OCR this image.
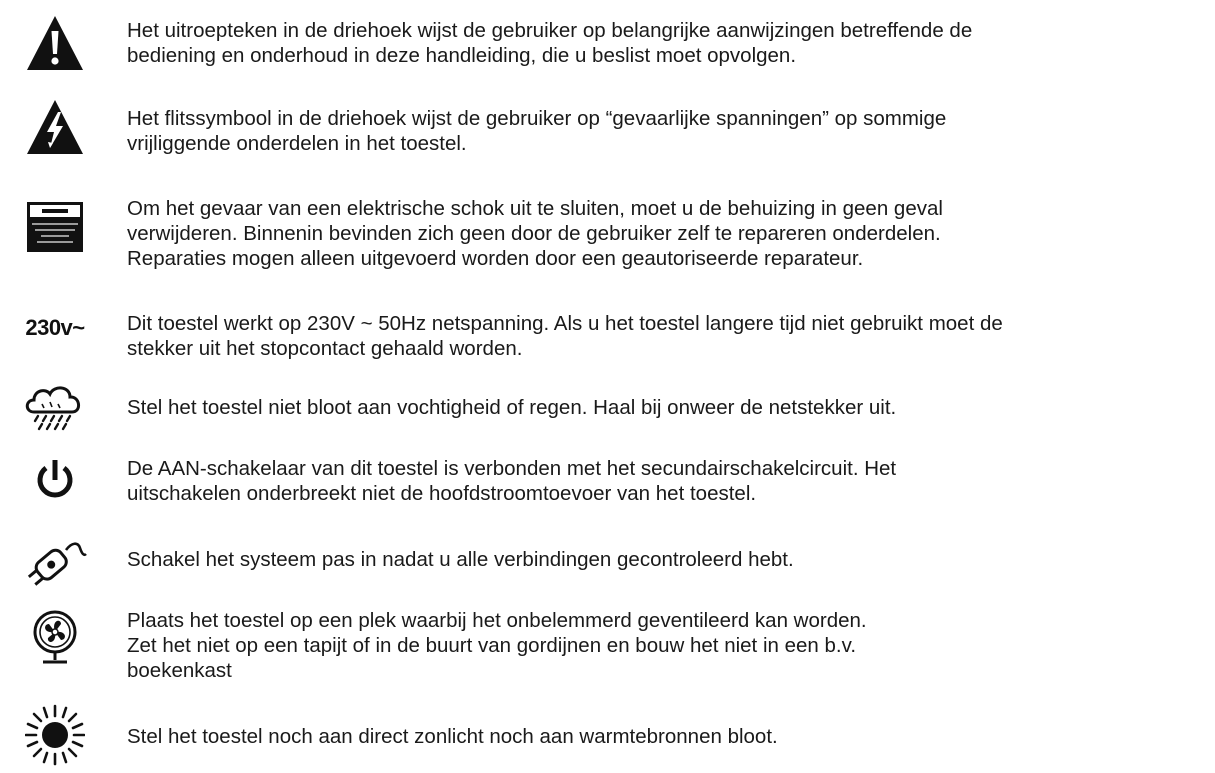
Het uitroepteken in de driehoek wijst de gebruiker op belangrijke aanwijzingen betreffende de
bediening en onderhoud in deze handleiding, die u beslist moet opvolgen.
Het flitssymbool in de driehoek wijst de gebruiker op “gevaarlijke spanningen” op sommige
vrijliggende onderdelen in het toestel.
Om het gevaar van een elektrische schok uit te sluiten, moet u de behuizing in geen geval
verwijderen. Binnenin bevinden zich geen door de gebruiker zelf te repareren onderdelen.
Reparaties mogen alleen uitgevoerd worden door een geautoriseerde reparateur.
230v~ Dit toestel werkt op 230V ~ 50Hz netspanning. Als u het toestel langere tijd niet gebruikt moet de
stekker uit het stopcontact gehaald worden.
Stel het toestel niet bloot aan vochtigheid of regen. Haal bij onweer de netstekker uit.
De AAN-schakelaar van dit toestel is verbonden met het secundairschakelcircuit. Het
uitschakelen onderbreekt niet de hoofdstroomtoevoer van het toestel.
Schakel het systeem pas in nadat u alle verbindingen gecontroleerd hebt.
Plaats het toestel op een plek waarbij het onbelemmerd geventileerd kan worden.
Zet het niet op een tapijt of in de buurt van gordijnen en bouw het niet in een b.v.
boekenkast
Stel het toestel noch aan direct zonlicht noch aan warmtebronnen bloot.
